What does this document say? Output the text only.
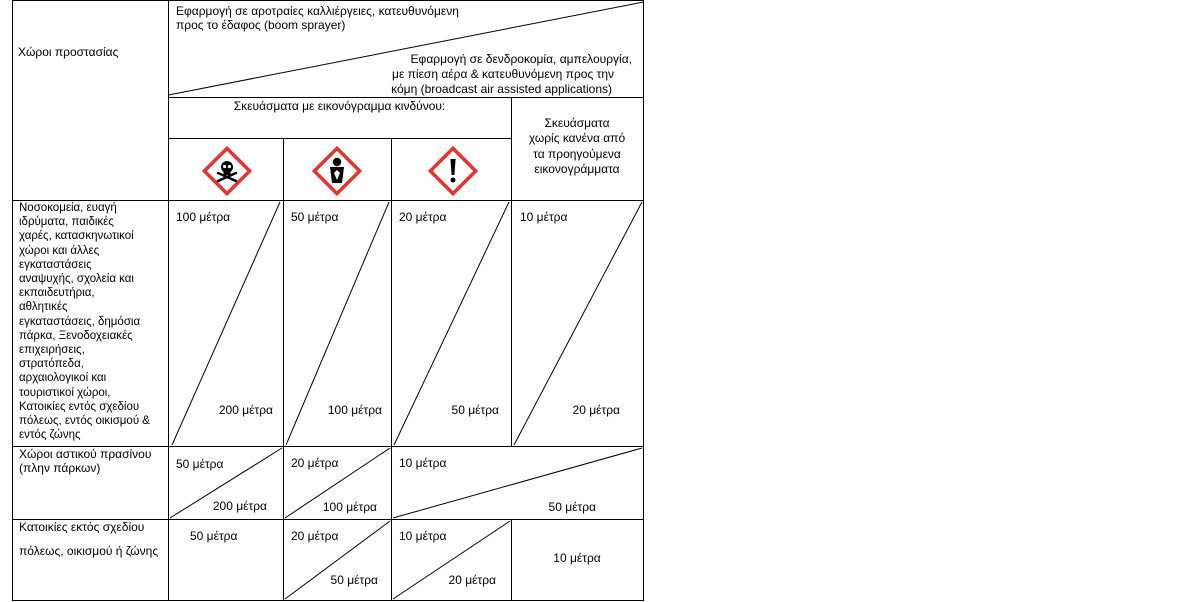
Χώροι προστασίας
Εφαρμογή σε αροτραίες καλλιέργειες, κατευθυνόμενη
προς το έδαφος (boom sprayer)
Εφαρμογή σε δενδροκομία, αμπελουργία,
με πίεση αέρα & κατευθυνόμενη προς την
κόμη (broadcast air assisted applications)
Σκευάσματα με εικονόγραμμα κινδύνου:
Σκευάσματα
χωρίς κανένα από
τα προηγούμενα
εικονογράμματα
Νοσοκομεία, ευαγή
ιδρύματα, παιδικές
χαρές, κατασκηνωτικοί
χώροι και άλλες
εγκαταστάσεις
αναψυχής, σχολεία και
εκπαιδευτήρια,
αθλητικές
εγκαταστάσεις, δημόσια
πάρκα, Ξενοδοχειακές
επιχειρήσεις,
στρατόπεδα,
αρχαιολογικοί και
τουριστικοί χώροι,
Κατοικίες εντός σχεδίου
πόλεως, εντός οικισμού &
εντός ζώνης
100 μέτρα
200 μέτρα
50 μέτρα
100 μέτρα
20 μέτρα
50 μέτρα
10 μέτρα
20 μέτρα
Χώροι αστικού πρασίνου
(πλην πάρκων)	50 μέτρα
200 μέτρα
20 μέτρα
100 μέτρα
10 μέτρα
50 μέτρα
Κατοικίες εκτός σχεδίου
πόλεως, οικισμού ή ζώνης
50 μέτρα	20 μέτρα
50 μέτρα
10 μέτρα
20 μέτρα
10 μέτρα
